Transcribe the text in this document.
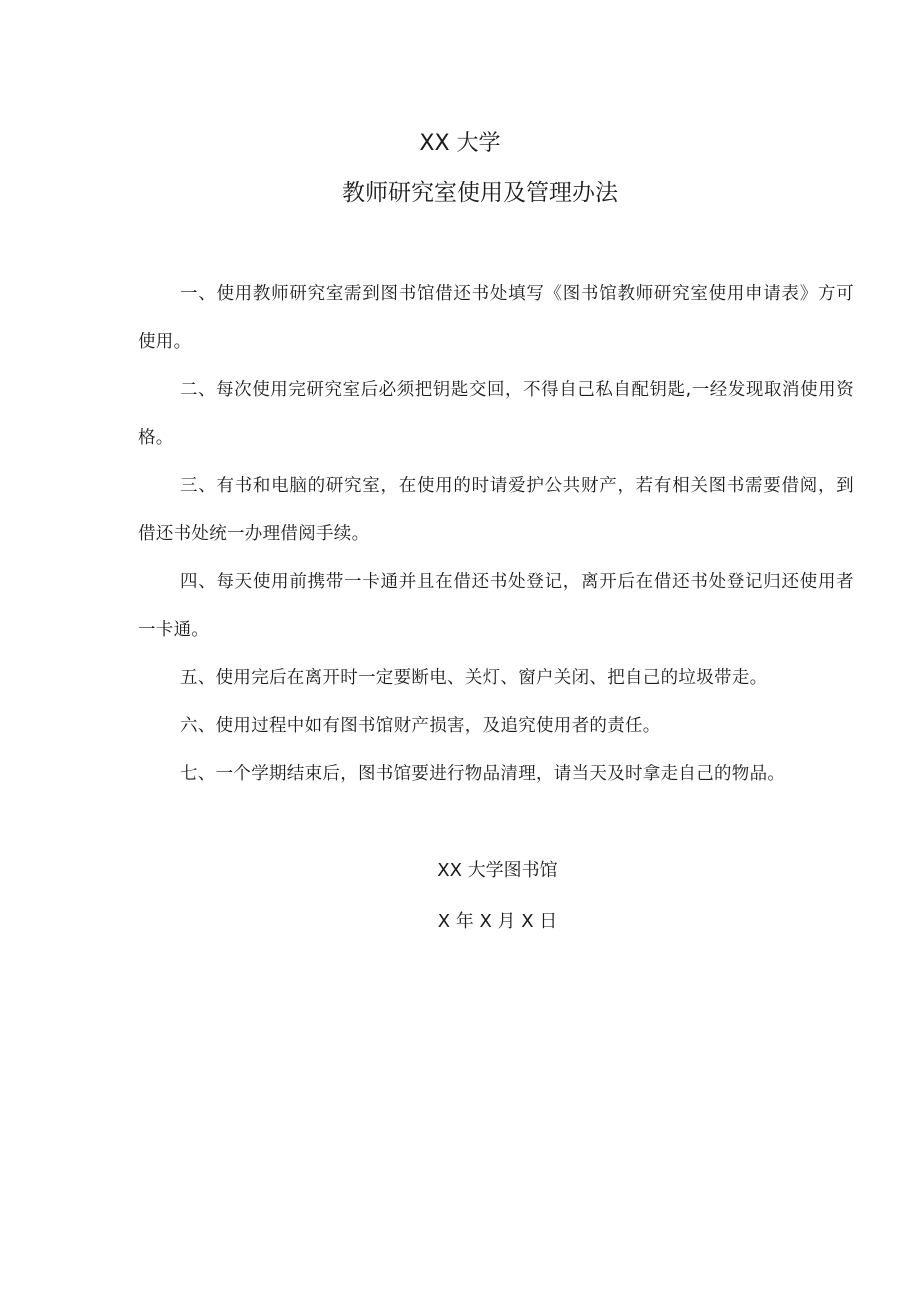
XX 大学
教师研究室使用及管理办法

一、使用教师研究室需到图书馆借还书处填写《图书馆教师研究室使用申请表》方可使用。

二、每次使用完研究室后必须把钥匙交回，不得自己私自配钥匙,一经发现取消使用资格。

三、有书和电脑的研究室，在使用的时请爱护公共财产，若有相关图书需要借阅，到借还书处统一办理借阅手续。

四、每天使用前携带一卡通并且在借还书处登记，离开后在借还书处登记归还使用者一卡通。

五、使用完后在离开时一定要断电、关灯、窗户关闭、把自己的垃圾带走。

六、使用过程中如有图书馆财产损害，及追究使用者的责任。

七、一个学期结束后，图书馆要进行物品清理，请当天及时拿走自己的物品。

XX 大学图书馆
X 年 X 月 X 日
